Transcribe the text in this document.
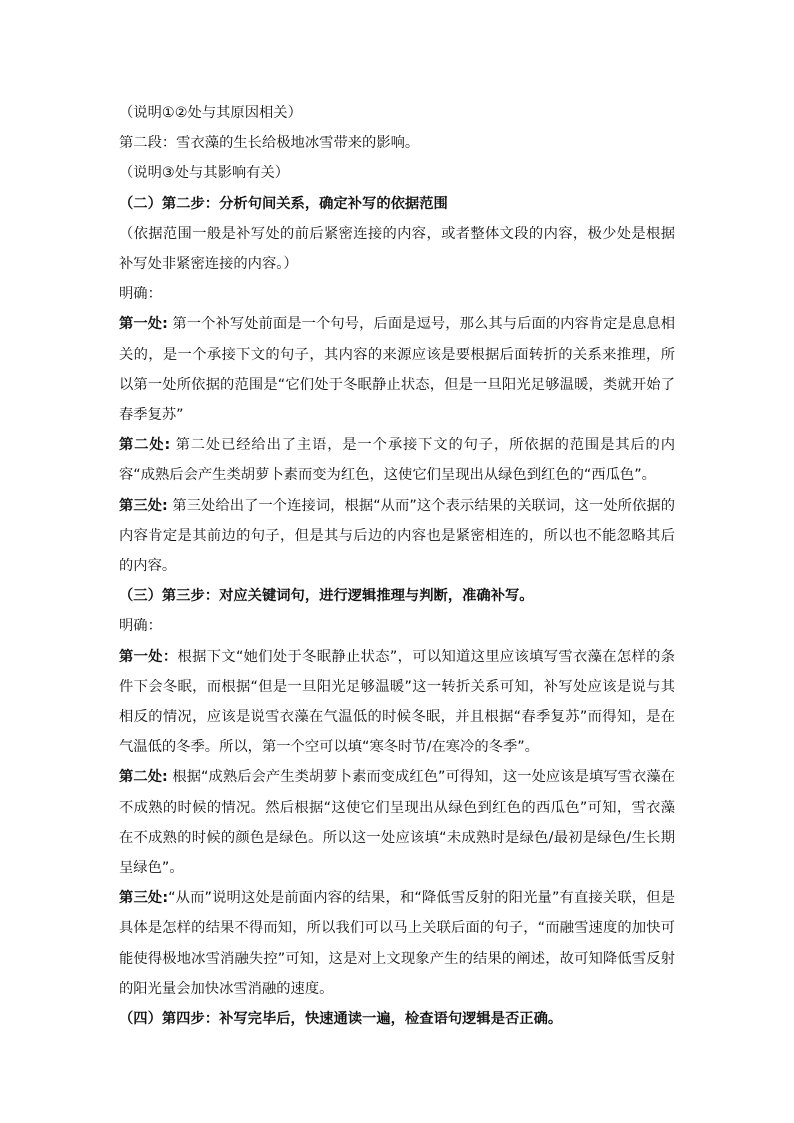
（说明①②处与其原因相关）

第二段：雪衣藻的生长给极地冰雪带来的影响。

（说明③处与其影响有关）

（二）第二步：分析句间关系，确定补写的依据范围

（依据范围一般是补写处的前后紧密连接的内容，或者整体文段的内容，极少处是根据补写处非紧密连接的内容。）

明确：

第一处: 第一个补写处前面是一个句号，后面是逗号，那么其与后面的内容肯定是息息相关的，是一个承接下文的句子，其内容的来源应该是要根据后面转折的关系来推理，所以第一处所依据的范围是“它们处于冬眠静止状态，但是一旦阳光足够温暖，类就开始了春季复苏”

第二处: 第二处已经给出了主语，是一个承接下文的句子，所依据的范围是其后的内容“成熟后会产生类胡萝卜素而变为红色，这使它们呈现出从绿色到红色的“西瓜色”。

第三处: 第三处给出了一个连接词，根据“从而”这个表示结果的关联词，这一处所依据的内容肯定是其前边的句子，但是其与后边的内容也是紧密相连的，所以也不能忽略其后的内容。

（三）第三步：对应关键词句，进行逻辑推理与判断，准确补写。

明确：

第一处：根据下文“她们处于冬眠静止状态”，可以知道这里应该填写雪衣藻在怎样的条件下会冬眠，而根据“但是一旦阳光足够温暖”这一转折关系可知，补写处应该是说与其相反的情况，应该是说雪衣藻在气温低的时候冬眠，并且根据“春季复苏”而得知，是在气温低的冬季。所以，第一个空可以填“寒冬时节/在寒冷的冬季”。

第二处: 根据“成熟后会产生类胡萝卜素而变成红色”可得知，这一处应该是填写雪衣藻在不成熟的时候的情况。然后根据“这使它们呈现出从绿色到红色的西瓜色”可知，雪衣藻在不成熟的时候的颜色是绿色。所以这一处应该填“未成熟时是绿色/最初是绿色/生长期呈绿色”。

第三处:“从而”说明这处是前面内容的结果，和“降低雪反射的阳光量”有直接关联，但是具体是怎样的结果不得而知，所以我们可以马上关联后面的句子，“而融雪速度的加快可能使得极地冰雪消融失控”可知，这是对上文现象产生的结果的阐述，故可知降低雪反射的阳光量会加快冰雪消融的速度。

（四）第四步：补写完毕后，快速通读一遍，检查语句逻辑是否正确。
